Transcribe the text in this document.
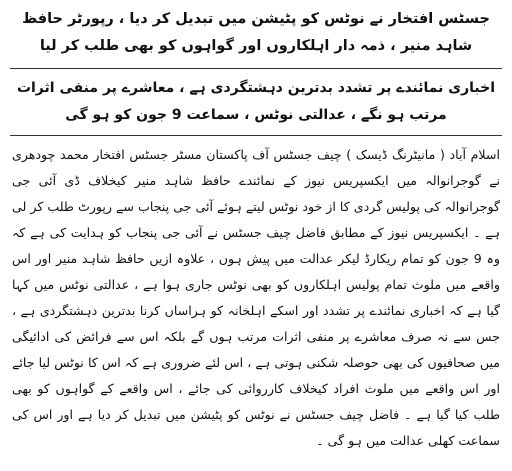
جسٹس افتخار نے نوٹس کو پٹیشن میں تبدیل کر دیا ، رپورٹر حافظ شاہد منیر ، ذمہ دار اہلکاروں اور گواہوں کو بھی طلب کر لیا
اخباری نمائندے پر تشدد بدترین دہشتگردی ہے ، معاشرے پر منفی اثرات مرتب ہو نگے ، عدالتی نوٹس ، سماعت 9 جون کو ہو گی

اسلام آباد ( مانیٹرنگ ڈیسک ) چیف جسٹس آف پاکستان مسٹر جسٹس افتخار محمد چودھری نے گوجرانوالہ میں ایکسپریس نیوز کے نمائندے حافظ شاہد منیر کیخلاف ڈی آئی جی گوجرانوالہ کی پولیس گردی کا از خود نوٹس لیتے ہوئے آئی جی پنجاب سے رپورٹ طلب کر لی ہے ۔ ایکسپریس نیوز کے مطابق فاضل چیف جسٹس نے آئی جی پنجاب کو ہدایت کی ہے کہ وہ 9 جون کو تمام ریکارڈ لیکر عدالت میں پیش ہوں ، علاوہ ازیں حافظ شاہد منیر اور اس واقعے میں ملوث تمام پولیس اہلکاروں کو بھی نوٹس جاری ہوا ہے ، عدالتی نوٹس میں کہا گیا ہے کہ اخباری نمائندے پر تشدد اور اسکے اہلخانہ کو ہراساں کرنا بدترین دہشتگردی ہے ، جس سے نہ صرف معاشرے پر منفی اثرات مرتب ہوں گے بلکہ اس سے فرائض کی ادائیگی میں صحافیوں کی بھی حوصلہ شکنی ہوتی ہے ، اس لئے ضروری ہے کہ اس کا نوٹس لیا جائے اور اس واقعے میں ملوث افراد کیخلاف کارروائی کی جائے ، اس واقعے کے گواہوں کو بھی طلب کیا گیا ہے ۔ فاضل چیف جسٹس نے نوٹس کو پٹیشن میں تبدیل کر دیا ہے اور اس کی سماعت کھلی عدالت میں ہو گی ۔
